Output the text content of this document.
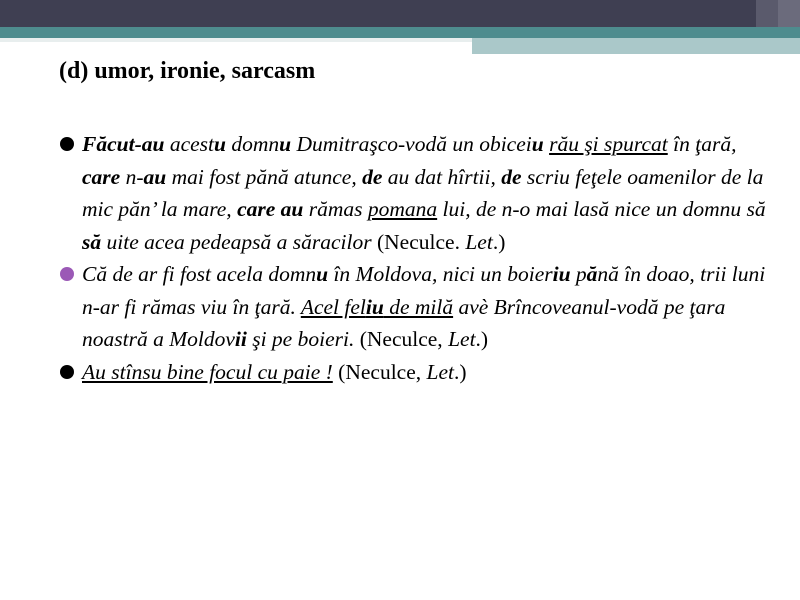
(d) umor, ironie, sarcasm
Făcut-au acestu domnu Dumitraşco-vodă un obiceiu rău şi spurcat în ţară, care n-au mai fost pănă atunce, de au dat hîrtii, de scriu feţele oamenilor de la mic păn’ la mare, care au rămas pomana lui, de n-o mai lasă nice un domnu să să uite acea pedeapsă a săracilor (Neculce. Let.)
Că de ar fi fost acela domnu în Moldova, nici un boieriu pănă în doao, trii luni n-ar fi rămas viu în ţară. Acel feliu de milă avè Brîncoveanul-vodă pe ţara noastră a Moldovii şi pe boieri. (Neculce, Let.)
Au stînsu bine focul cu paie ! (Neculce, Let.)
